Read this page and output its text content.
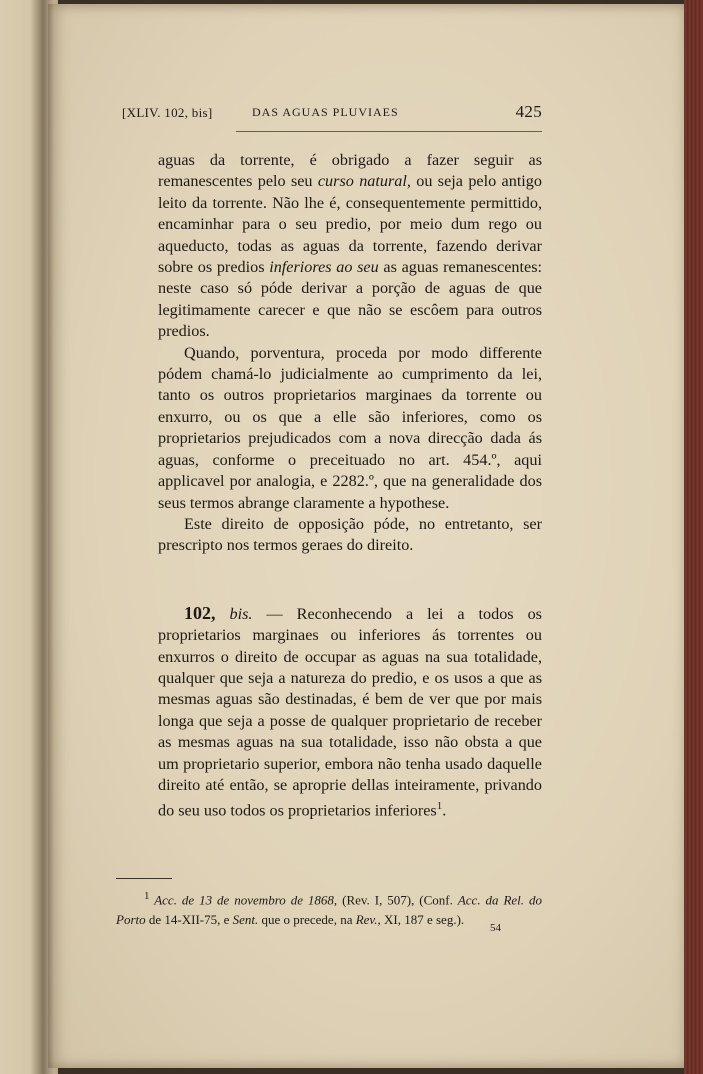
[XLIV. 102, bis]	DAS AGUAS PLUVIAES	425

aguas da torrente, é obrigado a fazer seguir as remanescentes pelo seu curso natural, ou seja pelo antigo leito da torrente. Não lhe é, consequentemente permittido, encaminhar para o seu predio, por meio dum rego ou aqueducto, todas as aguas da torrente, fazendo derivar sobre os predios inferiores ao seu as aguas remanescentes: neste caso só póde derivar a porção de aguas de que legitimamente carecer e que não se escôem para outros predios.

Quando, porventura, proceda por modo differente pódem chamá-lo judicialmente ao cumprimento da lei, tanto os outros proprietarios marginaes da torrente ou enxurro, ou os que a elle são inferiores, como os proprietarios prejudicados com a nova direcção dada ás aguas, conforme o preceituado no art. 454.º, aqui applicavel por analogia, e 2282.º, que na generalidade dos seus termos abrange claramente a hypothese.

Este direito de opposição póde, no entretanto, ser prescripto nos termos geraes do direito.

102, bis. — Reconhecendo a lei a todos os proprietarios marginaes ou inferiores ás torrentes ou enxurros o direito de occupar as aguas na sua totalidade, qualquer que seja a natureza do predio, e os usos a que as mesmas aguas são destinadas, é bem de ver que por mais longa que seja a posse de qualquer proprietario de receber as mesmas aguas na sua totalidade, isso não obsta a que um proprietario superior, embora não tenha usado daquelle direito até então, se aproprie dellas inteiramente, privando do seu uso todos os proprietarios inferiores$^1$.

$^1$ Acc. de 13 de novembro de 1868, (Rev. I, 507), (Conf. Acc. da Rel. do Porto de 14-XII-75, e Sent. que o precede, na Rev., XI, 187 e seg.).

54
